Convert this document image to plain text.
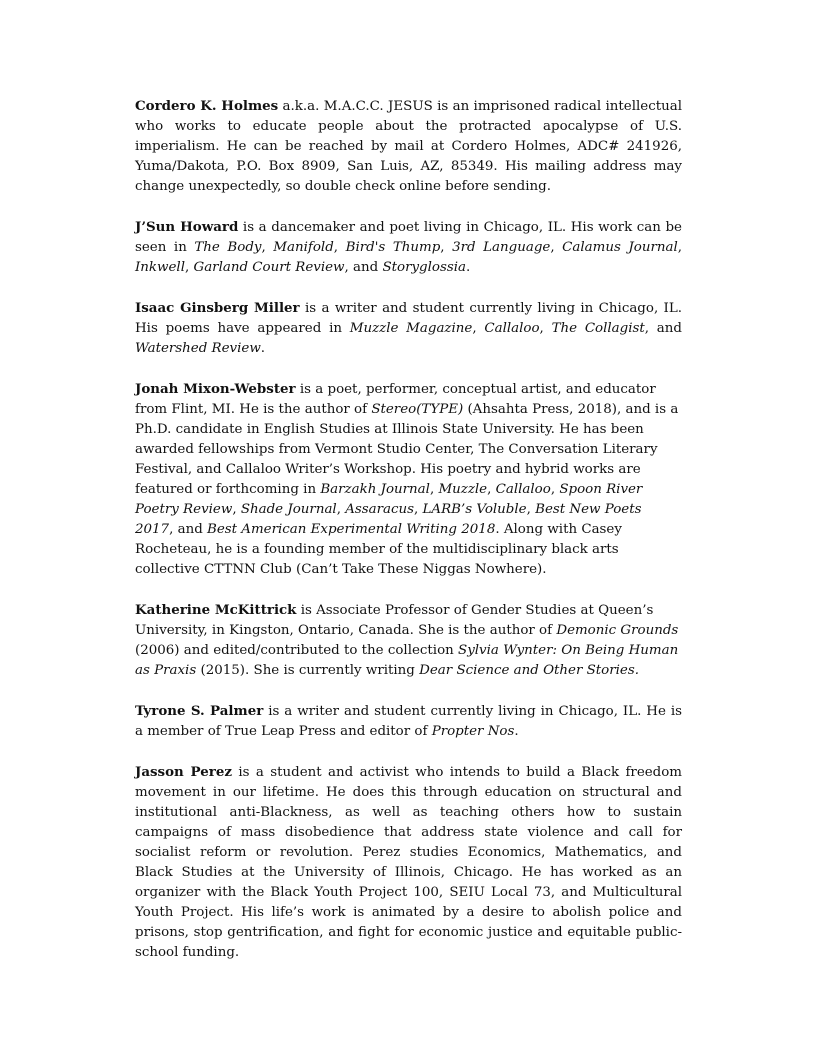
Cordero K. Holmes a.k.a. M.A.C.C. JESUS is an imprisoned radical intellectual who works to educate people about the protracted apocalypse of U.S. imperialism. He can be reached by mail at Cordero Holmes, ADC# 241926, Yuma/Dakota, P.O. Box 8909, San Luis, AZ, 85349. His mailing address may change unexpectedly, so double check online before sending.

J’Sun Howard is a dancemaker and poet living in Chicago, IL. His work can be seen in The Body, Manifold, Bird's Thump, 3rd Language, Calamus Journal, Inkwell, Garland Court Review, and Storyglossia.

Isaac Ginsberg Miller is a writer and student currently living in Chicago, IL. His poems have appeared in Muzzle Magazine, Callaloo, The Collagist, and Watershed Review.

Jonah Mixon-Webster is a poet, performer, conceptual artist, and educator from Flint, MI. He is the author of Stereo(TYPE) (Ahsahta Press, 2018), and is a Ph.D. candidate in English Studies at Illinois State University. He has been awarded fellowships from Vermont Studio Center, The Conversation Literary Festival, and Callaloo Writer’s Workshop. His poetry and hybrid works are featured or forthcoming in Barzakh Journal, Muzzle, Callaloo, Spoon River Poetry Review, Shade Journal, Assaracus, LARB’s Voluble, Best New Poets 2017, and Best American Experimental Writing 2018. Along with Casey Rocheteau, he is a founding member of the multidisciplinary black arts collective CTTNN Club (Can’t Take These Niggas Nowhere).

Katherine McKittrick is Associate Professor of Gender Studies at Queen’s University, in Kingston, Ontario, Canada. She is the author of Demonic Grounds (2006) and edited/contributed to the collection Sylvia Wynter: On Being Human as Praxis (2015). She is currently writing Dear Science and Other Stories.

Tyrone S. Palmer is a writer and student currently living in Chicago, IL. He is a member of True Leap Press and editor of Propter Nos.

Jasson Perez is a student and activist who intends to build a Black freedom movement in our lifetime. He does this through education on structural and institutional anti-Blackness, as well as teaching others how to sustain campaigns of mass disobedience that address state violence and call for socialist reform or revolution. Perez studies Economics, Mathematics, and Black Studies at the University of Illinois, Chicago. He has worked as an organizer with the Black Youth Project 100, SEIU Local 73, and Multicultural Youth Project. His life’s work is animated by a desire to abolish police and prisons, stop gentrification, and fight for economic justice and equitable public-school funding.
